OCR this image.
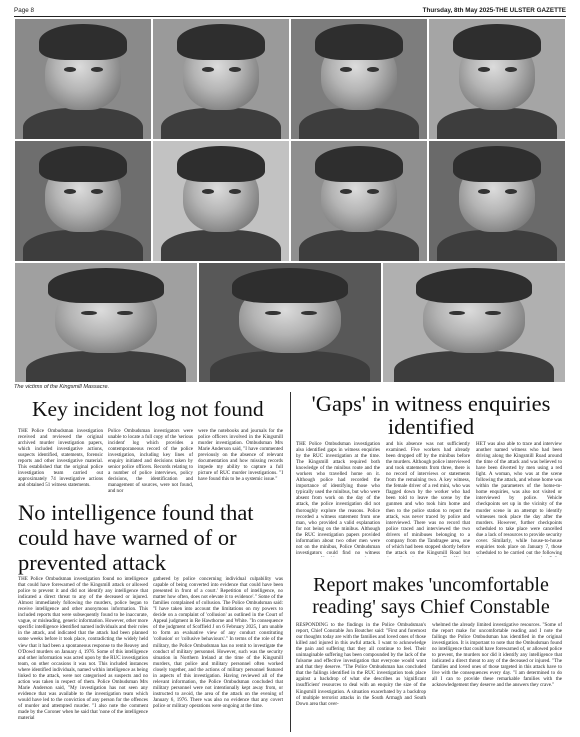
Page 8	Thursday, 8th May 2025-THE ULSTER GAZETTE
The victims of the Kingsmill Massacre.
Key incident log not found
THE Police Ombudsman investigation received and reviewed the original archived murder investigation papers, which included investigative actions, suspects identified, statements, forensic reports and other investigative material. This established that the original police investigation team carried out approximately 74 investigative actions and obtained 51 witness statements.
Police Ombudsman investigators were unable to locate a full copy of the 'serious incident' log which provides a contemporaneous record of the police investigation, including key lines of enquiry initiated and decisions taken by senior police officers. Records relating to a number of police interviews, policy decisions, the identification and management of sources, were not found, and nor
were the notebooks and journals for the police officers involved in the Kingsmill murder investigation. Ombudsman Mrs Marie Anderson said, "I have commented previously on the absence of relevant documentation and how missing records impede my ability to capture a full picture of RUC murder investigations. "I have found this to be a systemic issue."
No intelligence found that could have warned of or prevented attack
THE Police Ombudsman investigation found no intelligence that could have forewarned of the Kingsmill attack or allowed police to prevent it and did not identify any intelligence that indicated a direct threat to any of the deceased or injured. Almost immediately following the murders, police began to receive intelligence and other anonymous information. This included reports that were subsequently found to be inaccurate, vague, or misleading, generic information. However, other more specific intelligence identified named individuals and their roles in the attack, and indicated that the attack had been planned some weeks before it took place, contradicting the widely held view that it had been a spontaneous response to the Reavey and O'Dowd murders on January 4, 1976. Some of this intelligence and other information was acted upon by the RUC investigation team, on other occasions it was not. This included instances where identified individuals, named within intelligence as being linked to the attack, were not categorised as suspects and no action was taken in respect of them. Police Ombudsman Mrs Marie Anderson said, "My investigation has not seen any evidence that was available to the investigation team which would have led to the conviction of any person for the offences of murder and attempted murder. "I also note the comment made by the Coroner when he said that 'none of the intelligence material
gathered by police concerning individual culpability was capable of being converted into evidence that could have been presented in front of a court.' Repetition of intelligence, no matter how often, does not elevate it to evidence'." Some of the families complained of collusion. The Police Ombudsman said: "I have taken into account the limitations on my powers to decide on a complaint of 'collusion' as outlined in the Court of Appeal judgment in Re Hawthorne and White. "In consequence of the judgment of Scoffield J on 6 February 2025, I am unable to form an evaluative view of any conduct constituting 'collusion' or 'collusive behaviours'." In terms of the role of the military, the Police Ombudsman has no remit to investigate the conduct of military personnel. However, such was the security situation in Northern Ireland at the time of the Kingsmill murders, that police and military personnel often worked closely together, and the actions of military personnel featured in aspects of this investigation. Having reviewed all of the relevant information, the Police Ombudsman concluded that military personnel were not intentionally kept away from, or instructed to avoid, the area of the attack on the evening of January 6, 1976. There was also no evidence that any covert police or military operations were ongoing at the time.
'Gaps' in witness enquiries identified
THE Police Ombudsman investigation also identified gaps in witness enquiries by the RUC investigation at the time. The Kingsmill attack required both knowledge of the minibus route and the workers who travelled home on it. Although police had recorded the importance of identifying those who typically used the minibus, but who were absent from work on the day of the attack, the police investigation did not thoroughly explore the reasons. Police recorded a witness statement from one man, who provided a valid explanation for not being on the minibus. Although the RUC investigation papers provided information about two other men were not on the minibus, Police Ombudsman investigators could find no witness
and his absence was not sufficiently examined. Five workers had already been dropped off by the minibus before the murders. Although police interviewed and took statements from three, there is no record of interviews or statements from the remaining two. A key witness, the female driver of a red mini, who was flagged down by the worker who had been told to leave the scene by the gunmen and who took him home and then to the police station to report the attack, was never traced by police and interviewed. There was no record that police traced and interviewed the two drivers of minibuses belonging to a company from the Tandragee area, one of which had been stopped shortly before the attack on the Kingsmill Road but
HET was also able to trace and interview another named witness who had been driving along the Kingsmill Road around the time of the attack and was believed to have been diverted by men using a red light. A woman, who was at the scene following the attack, and whose home was within the parameters of the home-to-home enquiries, was also not visited or interviewed by police. Vehicle checkpoints set up in the vicinity of the murder scene in an attempt to identify witnesses took place the day after the murders. However, further checkpoints scheduled to take place were cancelled due a lack of resources to provide security cover. Similarly, while house-to-house enquiries took place on January 7, those scheduled to be carried out the following
Report makes 'uncomfortable reading' says Chief Constable
RESPONDING to the findings in the Police Ombudsman's report, Chief Constable Jon Boutcher said: "First and foremost our thoughts today are with the families and loved ones of those killed and injured in this awful attack. I want to acknowledge the pain and suffering that they all continue to feel. Their unimaginable suffering has been compounded by the lack of the fulsome and effective investigation that everyone would want and that they deserve. "The Police Ombudsman has concluded that the failings identified in the RUC investigation took place against a backdrop of what she describes as 'significant insufficient' resources to deal with an enquiry the size of the Kingsmill investigation. A situation exacerbated by a backdrop of multiple terrorist attacks in the South Armagh and South Down area that over-
whelmed the already limited investigative resources. "Some of the report make for uncomfortable reading and I note the failings the Police Ombudsman has identified in the original investigation. It is important to note that the Ombudsman found no intelligence that could have forewarned of, or allowed police to prevent, the murders nor did it identify any intelligence that indicated a direct threat to any of the deceased or injured. "The families and loved ones of those targeted in this attack have to live with the consequences every day. "I am determined to do all I can to provide these remarkable families with the acknowledgement they deserve and the answers they crave."
